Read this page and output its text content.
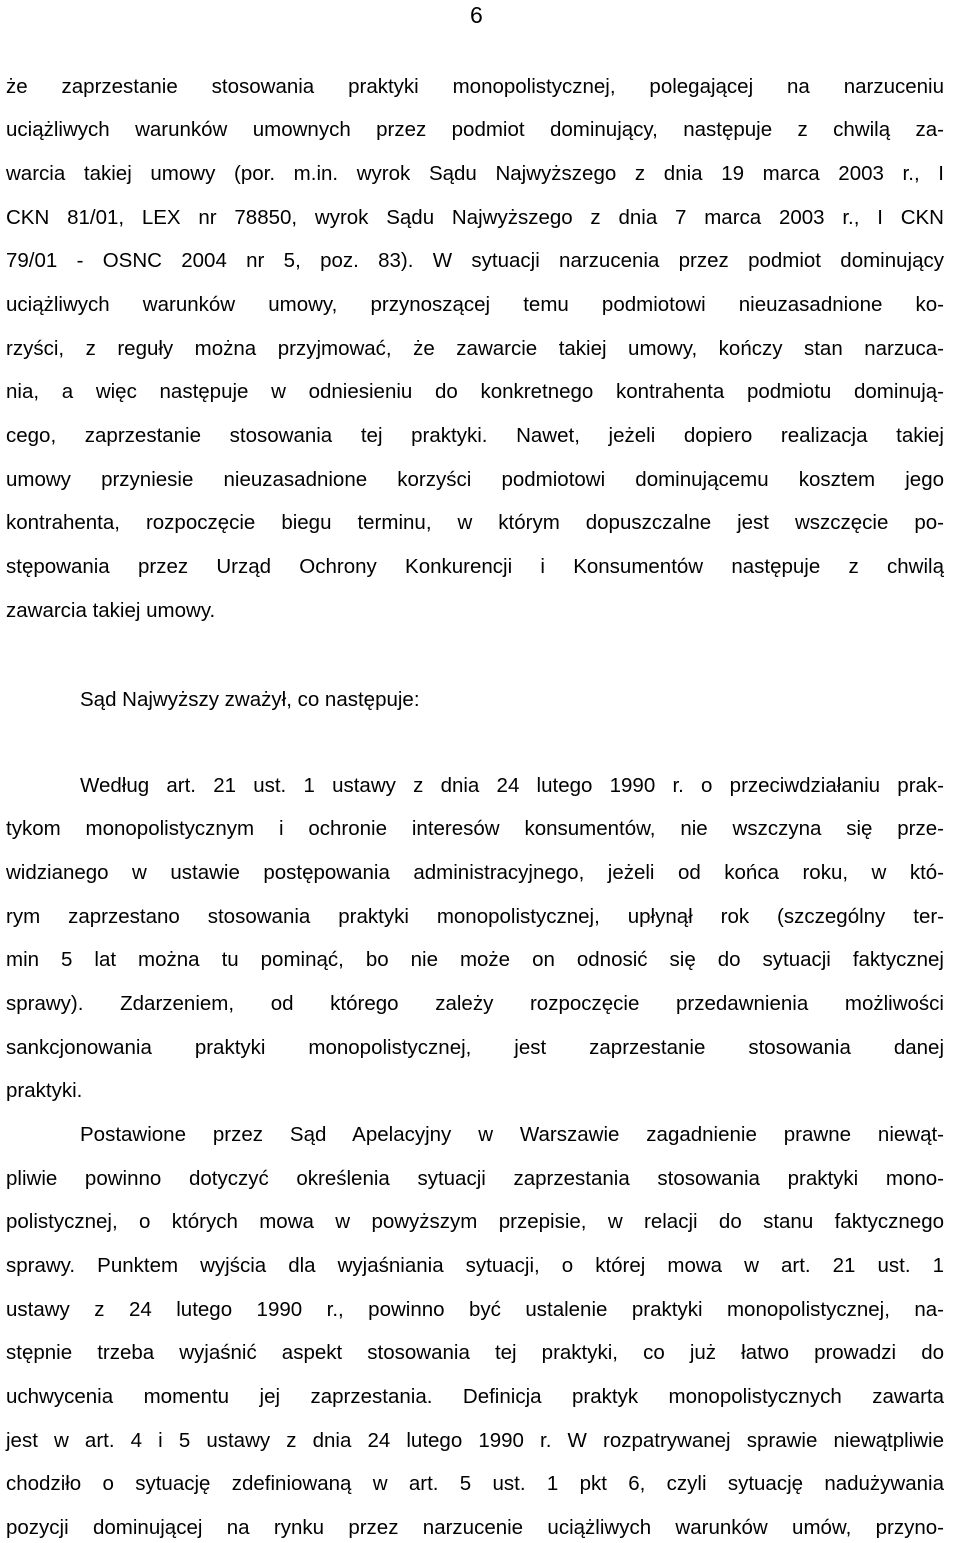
6
że zaprzestanie stosowania praktyki monopolistycznej, polegającej na narzuceniu
uciążliwych warunków umownych przez podmiot dominujący, następuje z chwilą za-
warcia takiej umowy (por. m.in. wyrok Sądu Najwyższego z dnia 19 marca 2003 r., I
CKN 81/01, LEX nr 78850, wyrok Sądu Najwyższego z dnia 7 marca 2003 r., I CKN
79/01 - OSNC 2004 nr 5, poz. 83). W sytuacji narzucenia przez podmiot dominujący
uciążliwych warunków umowy, przynoszącej temu podmiotowi nieuzasadnione ko-
rzyści, z reguły można przyjmować, że zawarcie takiej umowy, kończy stan narzuca-
nia, a więc następuje w odniesieniu do konkretnego kontrahenta podmiotu dominują-
cego, zaprzestanie stosowania tej praktyki. Nawet, jeżeli dopiero realizacja takiej
umowy przyniesie nieuzasadnione korzyści podmiotowi dominującemu kosztem jego
kontrahenta, rozpoczęcie biegu terminu, w którym dopuszczalne jest wszczęcie po-
stępowania przez Urząd Ochrony Konkurencji i Konsumentów następuje z chwilą
zawarcia takiej umowy.
Sąd Najwyższy zważył, co następuje:
Według art. 21 ust. 1 ustawy z dnia 24 lutego 1990 r. o przeciwdziałaniu prak-
tykom monopolistycznym i ochronie interesów konsumentów, nie wszczyna się prze-
widzianego w ustawie postępowania administracyjnego, jeżeli od końca roku, w któ-
rym zaprzestano stosowania praktyki monopolistycznej, upłynął rok (szczególny ter-
min 5 lat można tu pominąć, bo nie może on odnosić się do sytuacji faktycznej
sprawy). Zdarzeniem, od którego zależy rozpoczęcie przedawnienia możliwości
sankcjonowania praktyki monopolistycznej, jest zaprzestanie stosowania danej
praktyki.
Postawione przez Sąd Apelacyjny w Warszawie zagadnienie prawne niewąt-
pliwie powinno dotyczyć określenia sytuacji zaprzestania stosowania praktyki mono-
polistycznej, o których mowa w powyższym przepisie, w relacji do stanu faktycznego
sprawy. Punktem wyjścia dla wyjaśniania sytuacji, o której mowa w art. 21 ust. 1
ustawy z 24 lutego 1990 r., powinno być ustalenie praktyki monopolistycznej, na-
stępnie trzeba wyjaśnić aspekt stosowania tej praktyki, co już łatwo prowadzi do
uchwycenia momentu jej zaprzestania. Definicja praktyk monopolistycznych zawarta
jest w art. 4 i 5 ustawy z dnia 24 lutego 1990 r. W rozpatrywanej sprawie niewątpliwie
chodziło o sytuację zdefiniowaną w art. 5 ust. 1 pkt 6, czyli sytuację nadużywania
pozycji dominującej na rynku przez narzucenie uciążliwych warunków umów, przyno-
